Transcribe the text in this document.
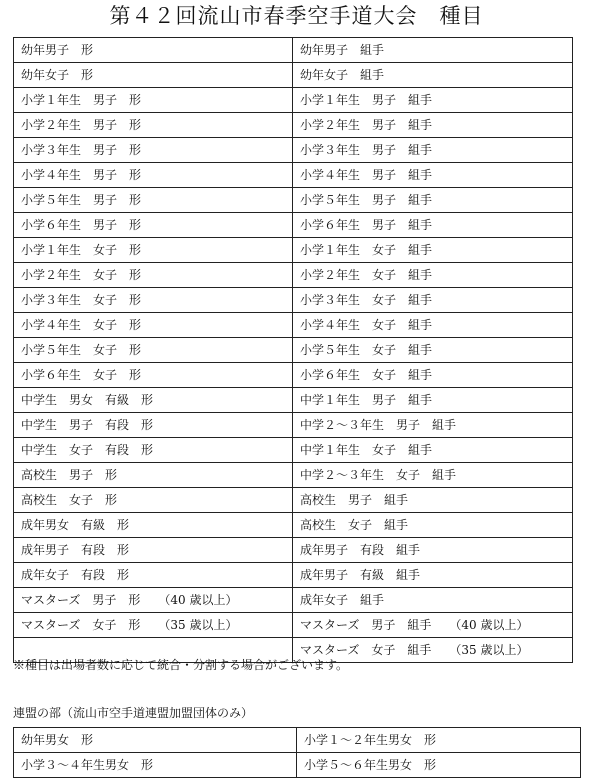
第４２回流山市春季空手道大会　種目
幼年男子　形	幼年男子　組手
幼年女子　形	幼年女子　組手
小学１年生　男子　形	小学１年生　男子　組手
小学２年生　男子　形	小学２年生　男子　組手
小学３年生　男子　形	小学３年生　男子　組手
小学４年生　男子　形	小学４年生　男子　組手
小学５年生　男子　形	小学５年生　男子　組手
小学６年生　男子　形	小学６年生　男子　組手
小学１年生　女子　形	小学１年生　女子　組手
小学２年生　女子　形	小学２年生　女子　組手
小学３年生　女子　形	小学３年生　女子　組手
小学４年生　女子　形	小学４年生　女子　組手
小学５年生　女子　形	小学５年生　女子　組手
小学６年生　女子　形	小学６年生　女子　組手
中学生　男女　有級　形	中学１年生　男子　組手
中学生　男子　有段　形	中学２～３年生　男子　組手
中学生　女子　有段　形	中学１年生　女子　組手
高校生　男子　形	中学２～３年生　女子　組手
高校生　女子　形	高校生　男子　組手
成年男女　有級　形	高校生　女子　組手
成年男子　有段　形	成年男子　有段　組手
成年女子　有段　形	成年男子　有級　組手
マスターズ　男子　形　　（40 歳以上）	成年女子　組手
マスターズ　女子　形　　（35 歳以上）	マスターズ　男子　組手　　（40 歳以上）
	マスターズ　女子　組手　　（35 歳以上）
※種目は出場者数に応じて統合・分割する場合がございます。
連盟の部（流山市空手道連盟加盟団体のみ）
幼年男女　形	小学１～２年生男女　形
小学３～４年生男女　形	小学５～６年生男女　形
